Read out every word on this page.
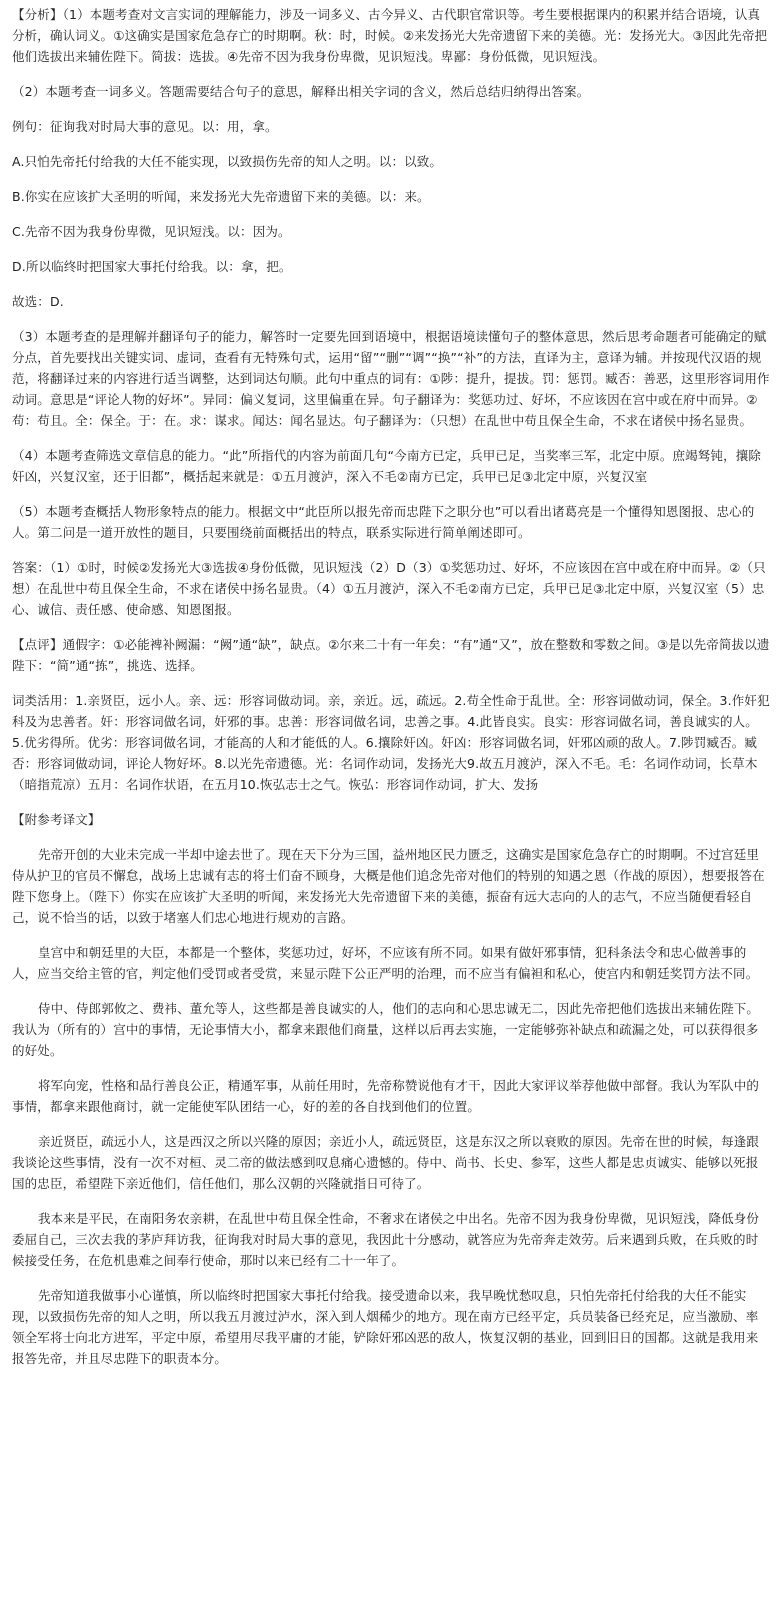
【分析】（1）本题考查对文言实词的理解能力，涉及一词多义、古今异义、古代职官常识等。考生要根据课内的积累并结合语境，认真分析，确认词义。①这确实是国家危急存亡的时期啊。秋：时，时候。②来发扬光大先帝遗留下来的美德。光：发扬光大。③因此先帝把他们选拔出来辅佐陛下。简拔：选拔。④先帝不因为我身份卑微，见识短浅。卑鄙：身份低微，见识短浅。

（2）本题考查一词多义。答题需要结合句子的意思，解释出相关字词的含义，然后总结归纳得出答案。

例句：征询我对时局大事的意见。以：用，拿。

A.只怕先帝托付给我的大任不能实现，以致损伤先帝的知人之明。以：以致。

B.你实在应该扩大圣明的听闻，来发扬光大先帝遗留下来的美德。以：来。

C.先帝不因为我身份卑微，见识短浅。以：因为。

D.所以临终时把国家大事托付给我。以：拿，把。

故选：D.

（3）本题考查的是理解并翻译句子的能力，解答时一定要先回到语境中，根据语境读懂句子的整体意思，然后思考命题者可能确定的赋分点，首先要找出关键实词、虚词，查看有无特殊句式，运用“留”“删”“调”“换”“补”的方法，直译为主，意译为辅。并按现代汉语的规范，将翻译过来的内容进行适当调整，达到词达句顺。此句中重点的词有：①陟：提升，提拔。罚：惩罚。臧否：善恶，这里形容词用作动词。意思是“评论人物的好坏”。异同：偏义复词，这里偏重在异。句子翻译为：奖惩功过、好坏，不应该因在宫中或在府中而异。②苟：苟且。全：保全。于：在。求：谋求。闻达：闻名显达。句子翻译为：（只想）在乱世中苟且保全生命，不求在诸侯中扬名显贵。

（4）本题考查筛选文章信息的能力。“此”所指代的内容为前面几句“今南方已定，兵甲已足，当奖率三军，北定中原。庶竭驽钝，攘除奸凶，兴复汉室，还于旧都”，概括起来就是：①五月渡泸，深入不毛②南方已定，兵甲已足③北定中原，兴复汉室

（5）本题考查概括人物形象特点的能力。根据文中“此臣所以报先帝而忠陛下之职分也”可以看出诸葛亮是一个懂得知恩图报、忠心的人。第二问是一道开放性的题目，只要围绕前面概括出的特点，联系实际进行简单阐述即可。

答案：（1）①时，时候②发扬光大③选拔④身份低微，见识短浅（2）D（3）①奖惩功过、好坏，不应该因在宫中或在府中而异。②（只想）在乱世中苟且保全生命，不求在诸侯中扬名显贵。（4）①五月渡泸，深入不毛②南方已定，兵甲已足③北定中原，兴复汉室（5）忠心、诚信、责任感、使命感、知恩图报。

【点评】通假字：①必能裨补阙漏：“阙”通“缺”，缺点。②尔来二十有一年矣：“有”通“又”，放在整数和零数之间。③是以先帝简拔以遗陛下：“简”通“拣”，挑选、选择。

词类活用：1.亲贤臣，远小人。亲、远：形容词做动词。亲，亲近。远，疏远。2.苟全性命于乱世。全：形容词做动词，保全。3.作奸犯科及为忠善者。奸：形容词做名词，奸邪的事。忠善：形容词做名词，忠善之事。4.此皆良实。良实：形容词做名词，善良诚实的人。5.优劣得所。优劣：形容词做名词，才能高的人和才能低的人。6.攘除奸凶。奸凶：形容词做名词，奸邪凶顽的敌人。7.陟罚臧否。臧否：形容词做动词，评论人物好坏。8.以光先帝遗德。光：名词作动词，发扬光大9.故五月渡泸，深入不毛。毛：名词作动词，长草木（暗指荒凉）五月：名词作状语，在五月10.恢弘志士之气。恢弘：形容词作动词，扩大、发扬

【附参考译文】

先帝开创的大业未完成一半却中途去世了。现在天下分为三国，益州地区民力匮乏，这确实是国家危急存亡的时期啊。不过宫廷里侍从护卫的官员不懈怠，战场上忠诚有志的将士们奋不顾身，大概是他们追念先帝对他们的特别的知遇之恩（作战的原因），想要报答在陛下您身上。（陛下）你实在应该扩大圣明的听闻，来发扬光大先帝遗留下来的美德，振奋有远大志向的人的志气，不应当随便看轻自己，说不恰当的话，以致于堵塞人们忠心地进行规劝的言路。

皇宫中和朝廷里的大臣，本都是一个整体，奖惩功过，好坏，不应该有所不同。如果有做奸邪事情，犯科条法令和忠心做善事的人，应当交给主管的官，判定他们受罚或者受赏，来显示陛下公正严明的治理，而不应当有偏袒和私心，使宫内和朝廷奖罚方法不同。

侍中、侍郎郭攸之、费祎、董允等人，这些都是善良诚实的人，他们的志向和心思忠诚无二，因此先帝把他们选拔出来辅佐陛下。我认为（所有的）宫中的事情，无论事情大小，都拿来跟他们商量，这样以后再去实施，一定能够弥补缺点和疏漏之处，可以获得很多的好处。

将军向宠，性格和品行善良公正，精通军事，从前任用时，先帝称赞说他有才干，因此大家评议举荐他做中部督。我认为军队中的事情，都拿来跟他商讨，就一定能使军队团结一心，好的差的各自找到他们的位置。

亲近贤臣，疏远小人，这是西汉之所以兴隆的原因；亲近小人，疏远贤臣，这是东汉之所以衰败的原因。先帝在世的时候，每逢跟我谈论这些事情，没有一次不对桓、灵二帝的做法感到叹息痛心遗憾的。侍中、尚书、长史、参军，这些人都是忠贞诚实、能够以死报国的忠臣，希望陛下亲近他们，信任他们，那么汉朝的兴隆就指日可待了。

我本来是平民，在南阳务农亲耕，在乱世中苟且保全性命，不奢求在诸侯之中出名。先帝不因为我身份卑微，见识短浅，降低身份委屈自己，三次去我的茅庐拜访我，征询我对时局大事的意见，我因此十分感动，就答应为先帝奔走效劳。后来遇到兵败，在兵败的时候接受任务，在危机患难之间奉行使命，那时以来已经有二十一年了。

先帝知道我做事小心谨慎，所以临终时把国家大事托付给我。接受遗命以来，我早晚忧愁叹息，只怕先帝托付给我的大任不能实现，以致损伤先帝的知人之明，所以我五月渡过泸水，深入到人烟稀少的地方。现在南方已经平定，兵员装备已经充足，应当激励、率领全军将士向北方进军，平定中原，希望用尽我平庸的才能，铲除奸邪凶恶的敌人，恢复汉朝的基业，回到旧日的国都。这就是我用来报答先帝，并且尽忠陛下的职责本分。
